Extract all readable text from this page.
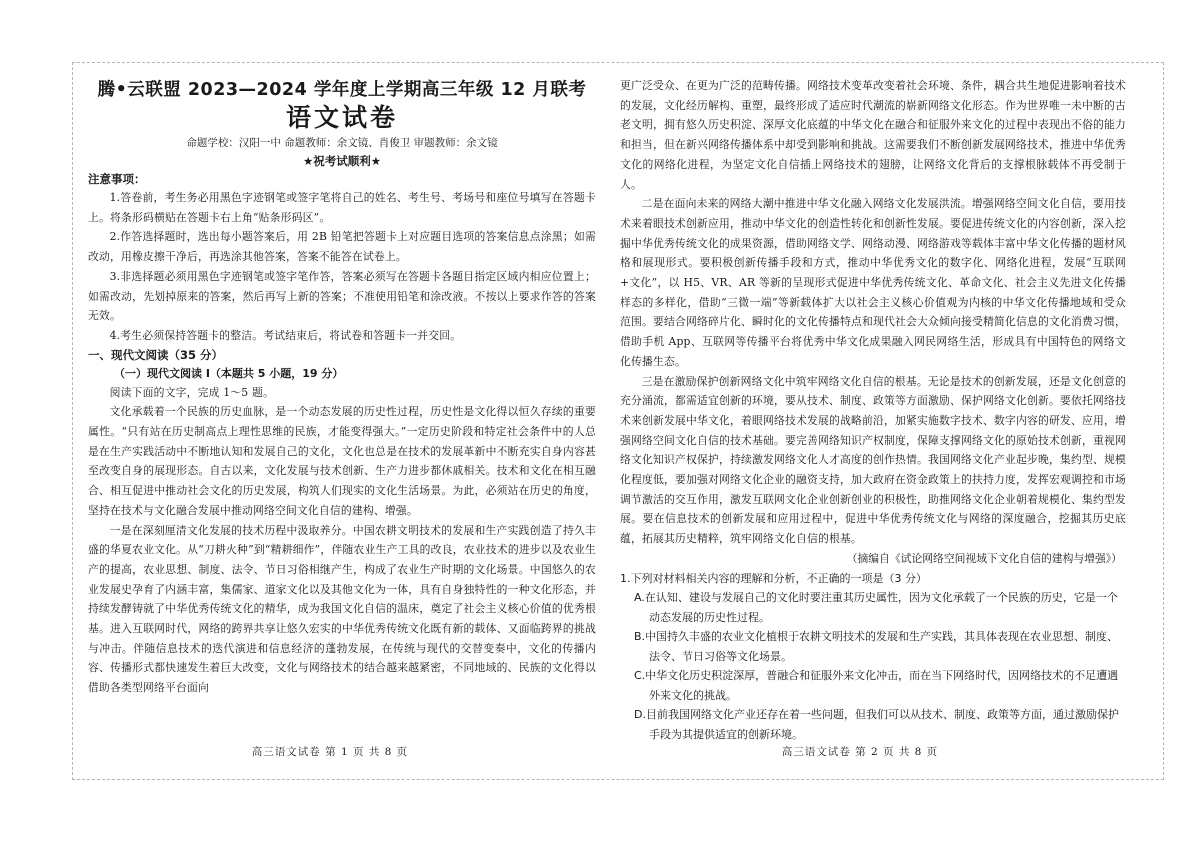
腾•云联盟 2023—2024 学年度上学期高三年级 12 月联考

语文试卷

命题学校：汉阳一中 命题教师：余文镜、肖俊卫 审题教师：余文镜

★祝考试顺利★

注意事项：

1.答卷前，考生务必用黑色字迹钢笔或签字笔将自己的姓名、考生号、考场号和座位号填写在答题卡上。将条形码横贴在答题卡右上角“贴条形码区”。

2.作答选择题时，选出每小题答案后，用 2B 铅笔把答题卡上对应题目选项的答案信息点涂黑；如需改动，用橡皮擦干净后，再选涂其他答案，答案不能答在试卷上。

3.非选择题必须用黑色字迹钢笔或签字笔作答，答案必须写在答题卡各题目指定区域内相应位置上；如需改动，先划掉原来的答案，然后再写上新的答案；不准使用铅笔和涂改液。不按以上要求作答的答案无效。

4.考生必须保持答题卡的整洁。考试结束后，将试卷和答题卡一并交回。

一、现代文阅读（35 分）

（一）现代文阅读 I（本题共 5 小题，19 分）

阅读下面的文字，完成 1～5 题。

文化承载着一个民族的历史血脉，是一个动态发展的历史性过程，历史性是文化得以恒久存续的重要属性。“只有站在历史制高点上理性思维的民族，才能变得强大。”一定历史阶段和特定社会条件中的人总是在生产实践活动中不断地认知和发展自己的文化，文化也总是在技术的发展革新中不断充实自身内容甚至改变自身的展现形态。自古以来，文化发展与技术创新、生产力进步都休戚相关。技术和文化在相互融合、相互促进中推动社会文化的历史发展，构筑人们现实的文化生活场景。为此，必须站在历史的角度，坚持在技术与文化融合发展中推动网络空间文化自信的建构、增强。

一是在深刻厘清文化发展的技术历程中汲取养分。中国农耕文明技术的发展和生产实践创造了持久丰盛的华夏农业文化。从“刀耕火种”到“精耕细作”，伴随农业生产工具的改良，农业技术的进步以及农业生产的提高，农业思想、制度、法令、节日习俗相继产生，构成了农业生产时期的文化场景。中国悠久的农业发展史孕育了内涵丰富，集儒家、道家文化以及其他文化为一体，具有自身独特性的一种文化形态，并持续发酵铸就了中华优秀传统文化的精华，成为我国文化自信的温床，奠定了社会主义核心价值的优秀根基。进入互联网时代，网络的跨界共享让悠久宏实的中华优秀传统文化既有新的载体、又面临跨界的挑战与冲击。伴随信息技术的迭代演进和信息经济的蓬勃发展，在传统与现代的交替变奏中，文化的传播内容、传播形式都快速发生着巨大改变，文化与网络技术的结合越来越紧密，不同地域的、民族的文化得以借助各类型网络平台面向

更广泛受众、在更为广泛的范畴传播。网络技术变革改变着社会环境、条件，耦合共生地促进影响着技术的发展，文化经历解构、重塑，最终形成了适应时代潮流的崭新网络文化形态。作为世界唯一未中断的古老文明，拥有悠久历史积淀、深厚文化底蕴的中华文化在融合和征服外来文化的过程中表现出不俗的能力和担当，但在新兴网络传播体系中却受到影响和挑战。这需要我们不断创新发展网络技术，推进中华优秀文化的网络化进程，为坚定文化自信插上网络技术的翅膀，让网络文化背后的支撑根脉载体不再受制于人。

二是在面向未来的网络大潮中推进中华文化融入网络文化发展洪流。增强网络空间文化自信，要用技术来着眼技术创新应用，推动中华文化的创造性转化和创新性发展。要促进传统文化的内容创新，深入挖掘中华优秀传统文化的成果资源，借助网络文学、网络动漫、网络游戏等载体丰富中华文化传播的题材风格和展现形式。要积极创新传播手段和方式，推动中华优秀文化的数字化、网络化进程，发展“互联网+文化”，以 H5、VR、AR 等新的呈现形式促进中华优秀传统文化、革命文化、社会主义先进文化传播样态的多样化，借助“三微一端”等新载体扩大以社会主义核心价值观为内核的中华文化传播地域和受众范围。要结合网络碎片化、瞬时化的文化传播特点和现代社会大众倾向接受精简化信息的文化消费习惯，借助手机 App、互联网等传播平台将优秀中华文化成果融入网民网络生活，形成具有中国特色的网络文化传播生态。

三是在激励保护创新网络文化中筑牢网络文化自信的根基。无论是技术的创新发展，还是文化创意的充分涌流，都需适宜创新的环境，要从技术、制度、政策等方面激励、保护网络文化创新。要依托网络技术来创新发展中华文化，着眼网络技术发展的战略前沿，加紧实施数字技术、数字内容的研发、应用，增强网络空间文化自信的技术基础。要完善网络知识产权制度，保障支撑网络文化的原始技术创新，重视网络文化知识产权保护，持续激发网络文化人才高度的创作热情。我国网络文化产业起步晚，集约型、规模化程度低，要加强对网络文化企业的融资支持，加大政府在资金政策上的扶持力度，发挥宏观调控和市场调节激活的交互作用，激发互联网文化企业创新创业的积极性，助推网络文化企业朝着规模化、集约型发展。要在信息技术的创新发展和应用过程中，促进中华优秀传统文化与网络的深度融合，挖掘其历史底蕴，拓展其历史精粹，筑牢网络文化自信的根基。

（摘编自《试论网络空间视域下文化自信的建构与增强》）

1.下列对材料相关内容的理解和分析，不正确的一项是（3 分）

A.在认知、建设与发展自己的文化时要注重其历史属性，因为文化承载了一个民族的历史，它是一个动态发展的历史性过程。

B.中国持久丰盛的农业文化植根于农耕文明技术的发展和生产实践，其具体表现在农业思想、制度、法令、节日习俗等文化场景。

C.中华文化历史积淀深厚，普融合和征服外来文化冲击，而在当下网络时代，因网络技术的不足遭遇外来文化的挑战。

D.目前我国网络文化产业还存在着一些问题，但我们可以从技术、制度、政策等方面，通过激励保护手段为其提供适宜的创新环境。

高三语文试卷 第 1 页 共 8 页	高三语文试卷 第 2 页 共 8 页
